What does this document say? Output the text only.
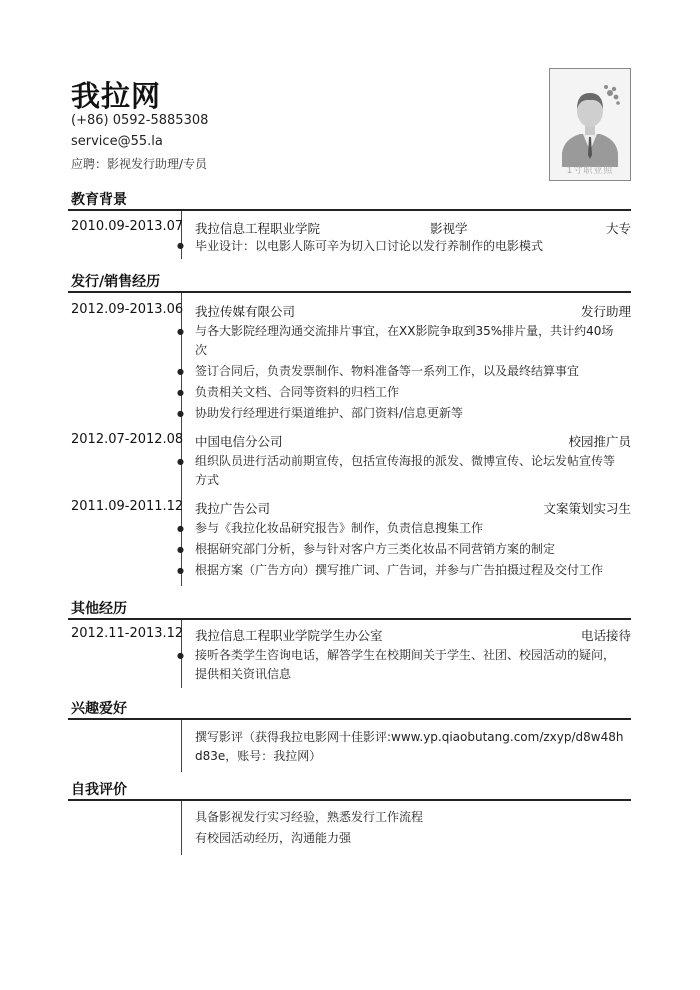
我拉网
(+86) 0592-5885308
service@55.la
应聘：影视发行助理/专员	1寸职业照
教育背景
2010.09-2013.07 我拉信息工程职业学院	影视学	大专
● 毕业设计：以电影人陈可辛为切入口讨论以发行养制作的电影模式
发行/销售经历
2012.09-2013.06 我拉传媒有限公司	发行助理
● 与各大影院经理沟通交流排片事宜，在XX影院争取到35%排片量，共计约40场次
● 签订合同后，负责发票制作、物料准备等一系列工作，以及最终结算事宜
● 负责相关文档、合同等资料的归档工作
● 协助发行经理进行渠道维护、部门资料/信息更新等
2012.07-2012.08 中国电信分公司	校园推广员
● 组织队员进行活动前期宣传，包括宣传海报的派发、微博宣传、论坛发帖宣传等方式
2011.09-2011.12 我拉广告公司	文案策划实习生
● 参与《我拉化妆品研究报告》制作，负责信息搜集工作
● 根据研究部门分析，参与针对客户方三类化妆品不同营销方案的制定
● 根据方案（广告方向）撰写推广词、广告词，并参与广告拍摄过程及交付工作
其他经历
2012.11-2013.12 我拉信息工程职业学院学生办公室	电话接待
● 接听各类学生咨询电话，解答学生在校期间关于学生、社团、校园活动的疑问，提供相关资讯信息
兴趣爱好
撰写影评（获得我拉电影网十佳影评:www.yp.qiaobutang.com/zxyp/d8w48hd83e，账号：我拉网）
自我评价
具备影视发行实习经验，熟悉发行工作流程
有校园活动经历，沟通能力强
